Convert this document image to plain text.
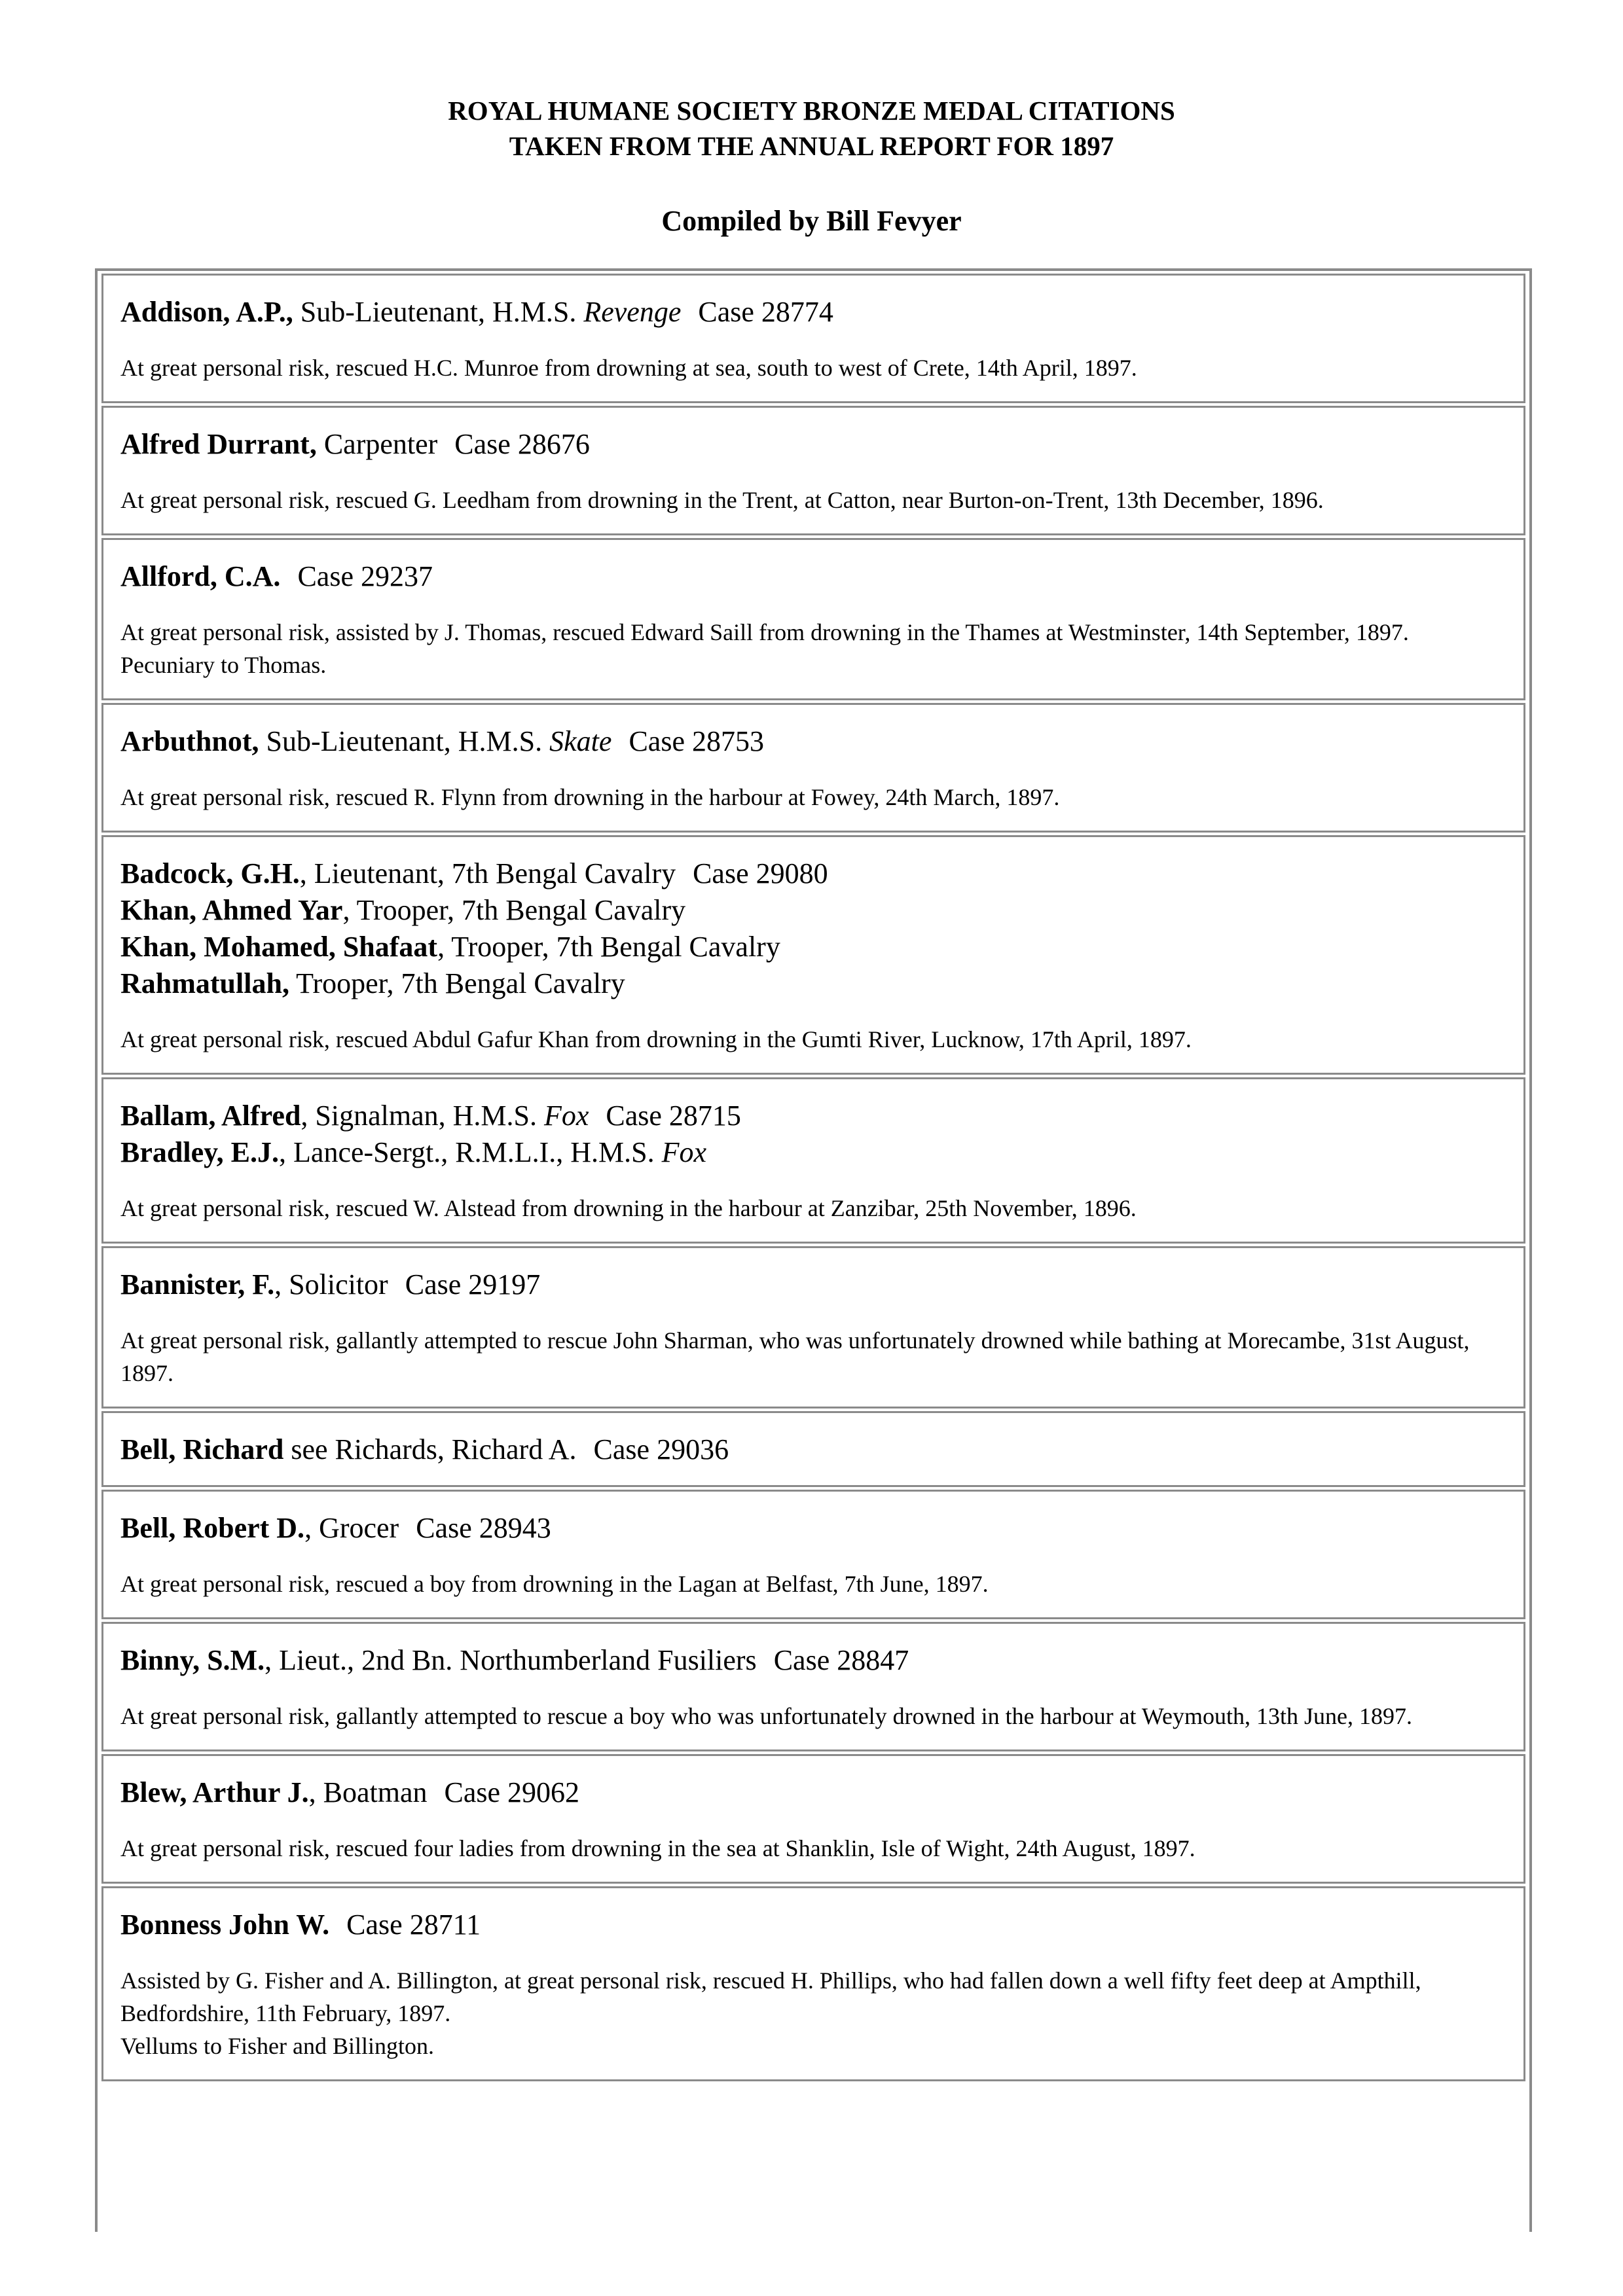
ROYAL HUMANE SOCIETY BRONZE MEDAL CITATIONS

TAKEN FROM THE ANNUAL REPORT FOR 1897

Compiled by Bill Fevyer

Addison, A.P., Sub-Lieutenant, H.M.S. Revenge Case 28774

At great personal risk, rescued H.C. Munroe from drowning at sea, south to west of Crete, 14th April, 1897.

Alfred Durrant, Carpenter Case 28676

At great personal risk, rescued G. Leedham from drowning in the Trent, at Catton, near Burton-on-Trent, 13th December, 1896.

Allford, C.A. Case 29237

At great personal risk, assisted by J. Thomas, rescued Edward Saill from drowning in the Thames at Westminster, 14th September, 1897.

Pecuniary to Thomas.

Arbuthnot, Sub-Lieutenant, H.M.S. Skate Case 28753

At great personal risk, rescued R. Flynn from drowning in the harbour at Fowey, 24th March, 1897.

Badcock, G.H., Lieutenant, 7th Bengal Cavalry Case 29080

Khan, Ahmed Yar, Trooper, 7th Bengal Cavalry

Khan, Mohamed, Shafaat, Trooper, 7th Bengal Cavalry

Rahmatullah, Trooper, 7th Bengal Cavalry

At great personal risk, rescued Abdul Gafur Khan from drowning in the Gumti River, Lucknow, 17th April, 1897.

Ballam, Alfred, Signalman, H.M.S. Fox Case 28715

Bradley, E.J., Lance-Sergt., R.M.L.I., H.M.S. Fox

At great personal risk, rescued W. Alstead from drowning in the harbour at Zanzibar, 25th November, 1896.

Bannister, F., Solicitor Case 29197

At great personal risk, gallantly attempted to rescue John Sharman, who was unfortunately drowned while bathing at Morecambe, 31st August, 1897.

Bell, Richard see Richards, Richard A. Case 29036

Bell, Robert D., Grocer Case 28943

At great personal risk, rescued a boy from drowning in the Lagan at Belfast, 7th June, 1897.

Binny, S.M., Lieut., 2nd Bn. Northumberland Fusiliers Case 28847

At great personal risk, gallantly attempted to rescue a boy who was unfortunately drowned in the harbour at Weymouth, 13th June, 1897.

Blew, Arthur J., Boatman Case 29062

At great personal risk, rescued four ladies from drowning in the sea at Shanklin, Isle of Wight, 24th August, 1897.

Bonness John W. Case 28711

Assisted by G. Fisher and A. Billington, at great personal risk, rescued H. Phillips, who had fallen down a well fifty feet deep at Ampthill, Bedfordshire, 11th February, 1897.

Vellums to Fisher and Billington.
